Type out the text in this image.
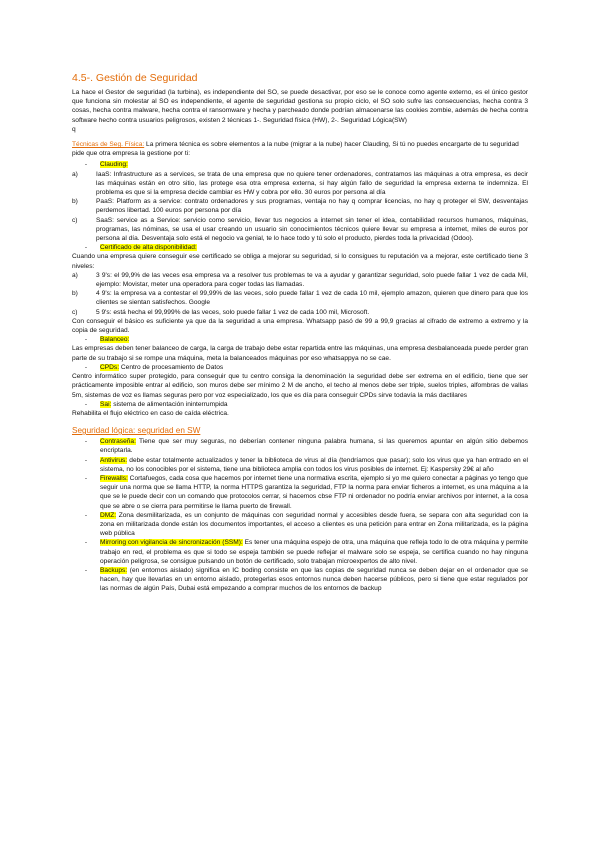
4.5-. Gestión de Seguridad

La hace el Gestor de seguridad (la turbina), es independiente del SO, se puede desactivar, por eso se le conoce como agente externo, es el único gestor que funciona sin molestar al SO es independiente, el agente de seguridad gestiona su propio ciclo, el SO solo sufre las consecuencias, hecha contra 3 cosas, hecha contra malware, hecha contra el ransomware y hecha y parcheado donde podrían almacenarse las cookies zombie, además de hecha contra software hecho contra usuarios peligrosos, existen 2 técnicas 1-. Seguridad física (HW), 2-. Seguridad Lógica(SW)

q

Técnicas de Seg. Física: La primera técnica es sobre elementos a la nube (migrar a la nube) hacer Clauding, Si tú no puedes encargarte de tu seguridad pide que otra empresa la gestione por ti:
-	Clauding:
a)	IaaS: Infrastructure as a services, se trata de una empresa que no quiere tener ordenadores, contratamos las máquinas a otra empresa, es decir las máquinas están en otro sitio, las protege esa otra empresa externa, si hay algún fallo de seguridad la empresa externa te indemniza. El problema es que si la empresa decide cambiar es HW y cobra por ello. 30 euros por persona al día
b)	PaaS: Platform as a service: contrato ordenadores y sus programas, ventaja no hay q comprar licencias, no hay q proteger el SW, desventajas perdemos libertad. 100 euros por persona por día
c)	SaaS: service as a Service: servicio como servicio, llevar tus negocios a internet sin tener el idea, contabilidad recursos humanos, máquinas, programas, las nóminas, se usa el usar creando un usuario sin conocimientos técnicos quiere llevar su empresa a internet, miles de euros por persona al día. Desventaja solo está el negocio va genial, te lo hace todo y tú solo el producto, pierdes toda la privacidad (Odoo).
-	Certificado de alta disponibilidad:

Cuando una empresa quiere conseguir ese certificado se obliga a mejorar su seguridad, si lo consigues tu reputación va a mejorar, este certificado tiene 3 niveles:

a)	3 9's: el 99,9% de las veces esa empresa va a resolver tus problemas te va a ayudar y garantizar seguridad, solo puede fallar 1 vez de cada Mil, ejemplo: Movistar, meter una operadora para coger todas las llamadas.
b)	4 9's: la empresa va a contestar el 99,99% de las veces, solo puede fallar 1 vez de cada 10 mil, ejemplo amazon, quieren que dinero para que los clientes se sientan satisfechos. Google
c)	5 9's: está hecha el 99,999% de las veces, solo puede fallar 1 vez de cada 100 mil, Microsoft.

Con conseguir el básico es suficiente ya que da la seguridad a una empresa. Whatsapp pasó de 99 a 99,9 gracias al cifrado de extremo a extremo y la copia de seguridad.

-	Balanceo:

Las empresas deben tener balanceo de carga, la carga de trabajo debe estar repartida entre las máquinas, una empresa desbalanceada puede perder gran parte de su trabajo si se rompe una máquina, meta la balanceados máquinas por eso whatsappya no se cae.

-	CPDs: Centro de procesamiento de Datos

Centro informático super protegido, para conseguir que tu centro consiga la denominación la seguridad debe ser extrema en el edificio, tiene que ser prácticamente imposible entrar al edificio, son muros debe ser mínimo 2 M de ancho, el techo al menos debe ser triple, suelos triples, alfombras de vallas 5m, sistemas de voz es llamas seguras pero por voz especializado, los que es día para conseguir CPDs sirve todavía la más dactilares

-	Sai: sistema de alimentación ininterrumpida

Rehabilita el flujo eléctrico en caso de caída eléctrica.

Seguridad lógica: seguridad en SW
-	Contraseña: Tiene que ser muy seguras, no deberían contener ninguna palabra humana, si las queremos apuntar en algún sitio debemos encriptarla.
-	Antivirus: debe estar totalmente actualizados y tener la biblioteca de virus al día (tendríamos que pasar); solo los virus que ya han entrado en el sistema, no los conocibles por el sistema, tiene una biblioteca amplia con todos los virus posibles de internet. Ej: Kaspersky 29€ al año
-	Firewalls: Cortafuegos, cada cosa que hacemos por internet tiene una normativa escrita, ejemplo si yo me quiero conectar a páginas yo tengo que seguir una norma que se llama HTTP, la norma HTTPS garantiza la seguridad, FTP la norma para enviar ficheros a internet, es una máquina a la que se le puede decir con un comando que protocolos cerrar, si hacemos cbse FTP ni ordenador no podría enviar archivos por internet, a la cosa que se abre o se cierra para permitirse le llama puerto de firewall.
-	DMZ: Zona desmilitarizada, es un conjunto de máquinas con seguridad normal y accesibles desde fuera, se separa con alta seguridad con la zona en militarizada donde están los documentos importantes, el acceso a clientes es una petición para entrar en Zona militarizada, es la página web pública
-	Mirroring con vigilancia de sincronización (SSM): Es tener una máquina espejo de otra, una máquina que refleja todo lo de otra máquina y permite trabajo en red, el problema es que si todo se espeja también se puede reflejar el malware solo se espeja, se certifica cuando no hay ninguna operación peligrosa, se consigue pulsando un botón de certificado, solo trabajan microexpertos de alto nivel.
-	Backups: (en entornos aislado) significa en IC boding consiste en que las copias de seguridad nunca se deben dejar en el ordenador que se hacen, hay que llevarlas en un entorno aislado, protegerlas esos entornos nunca deben hacerse públicos, pero si tiene que estar regulados por las normas de algún País, Dubai está empezando a comprar muchos de los entornos de backup
